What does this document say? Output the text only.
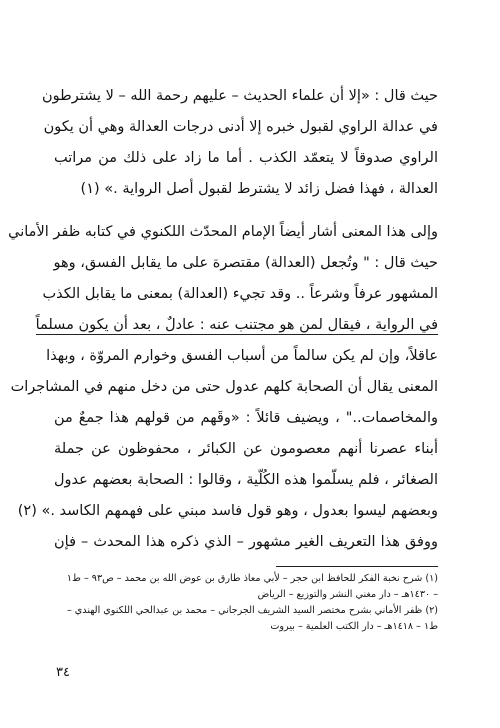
حيث قال : «إلا أن علماء الحديث – عليهم رحمة الله – لا يشترطون
في عدالة الراوي لقبول خبره إلا أدنى درجات العدالة وهي أن يكون
الراوي صدوقاً لا يتعمّد الكذب . أما ما زاد على ذلك من مراتب
العدالة ، فهذا فضل زائد لا يشترط لقبول أصل الرواية .» (١)
وإلى هذا المعنى أشار أيضاً الإمام المحدّث اللكنوي في كتابه ظفر الأماني
حيث قال : " وتُجعل (العدالة) مقتصرة على ما يقابل الفسق، وهو
المشهور عرفاً وشرعاً .. وقد تجيء (العدالة) بمعنى ما يقابل الكذب
في الرواية ، فيقال لمن هو مجتنب عنه : عادلٌ ، بعد أن يكون مسلماً
عاقلاً، وإن لم يكن سالماً من أسباب الفسق وخوارم المروّة ، وبهذا
المعنى يقال أن الصحابة كلهم عدول حتى من دخل منهم في المشاجرات
والمخاصمات.." ، ويضيف قائلاً : «وقَهم من قولهم هذا جمعٌ من
أبناء عصرنا أنهم معصومون عن الكبائر ، محفوظون عن جملة
الصغائر ، فلم يسلّموا هذه الكُلّية ، وقالوا : الصحابة بعضهم عدول
وبعضهم ليسوا بعدول ، وهو قول فاسد مبني على فهمهم الكاسد .» (٢)
ووفق هذا التعريف الغير مشهور – الذي ذكره هذا المحدث – فإن
(١) شرح نخبة الفكر للحافظ ابن حجر – لأبي معاذ طارق بن عوض الله بن محمد – ص٩٣ – ط١
– ١٤٣٠هـ – دار مغني النشر والتوزيع – الرياض
(٢) ظفر الأماني بشرح مختصر السيد الشريف الجرجاني – محمد بن عبدالحي اللكنوي الهندي –
ط١ – ١٤١٨هـ – دار الكتب العلمية – بيروت
٣٤
